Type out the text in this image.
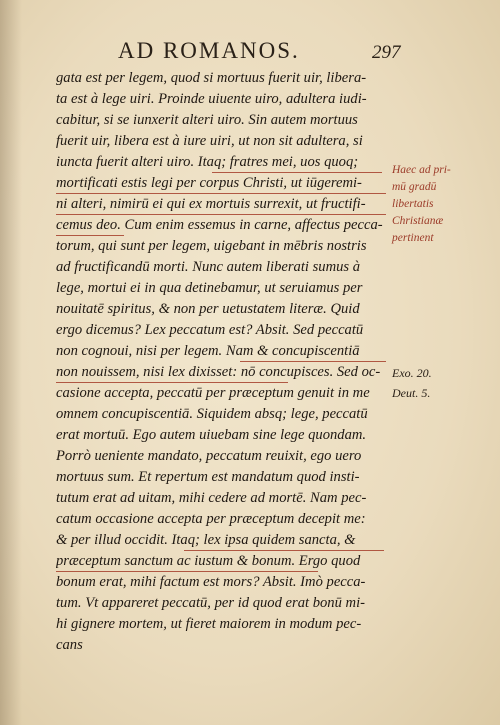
AD ROMANOS.	297
gata est per legem, quod si mortuus fuerit uir, libera-
ta est à lege uiri. Proinde uiuente uiro, adultera iudi-
cabitur, si se iunxerit alteri uiro. Sin autem mortuus
fuerit uir, libera est à iure uiri, ut non sit adultera, si
iuncta fuerit alteri uiro. Itaq; fratres mei, uos quoq;
mortificati estis legi per corpus Christi, ut iūgeremi-
ni alteri, nimirū ei qui ex mortuis surrexit, ut fructifi-
cemus deo. Cum enim essemus in carne, affectus pecca-
torum, qui sunt per legem, uigebant in mēbris nostris
ad fructificandū morti. Nunc autem liberati sumus à
lege, mortui ei in qua detinebamur, ut seruiamus per
nouitatē spiritus, & non per uetustatem literæ. Quid
ergo dicemus? Lex peccatum est? Absit. Sed peccatū
non cognoui, nisi per legem. Nam & concupiscentiā
non nouissem, nisi lex dixisset: nō concupisces. Sed oc-
casione accepta, peccatū per præceptum genuit in me
omnem concupiscentiā. Siquidem absq; lege, peccatū
erat mortuū. Ego autem uiuebam sine lege quondam.
Porrò ueniente mandato, peccatum reuixit, ego uero
mortuus sum. Et repertum est mandatum quod insti-
tutum erat ad uitam, mihi cedere ad mortē. Nam pec-
catum occasione accepta per præceptum decepit me:
& per illud occidit. Itaq; lex ipsa quidem sancta, &
præceptum sanctum ac iustum & bonum. Ergo quod
bonum erat, mihi factum est mors? Absit. Imò pecca-
tum. Vt appareret peccatū, per id quod erat bonū mi-
hi gignere mortem, ut fieret maiorem in modum pec-
cans
Haec ad pri-
mū gradū
libertatis
Christianæ
pertinent
Exo. 20.
Deut. 5.
